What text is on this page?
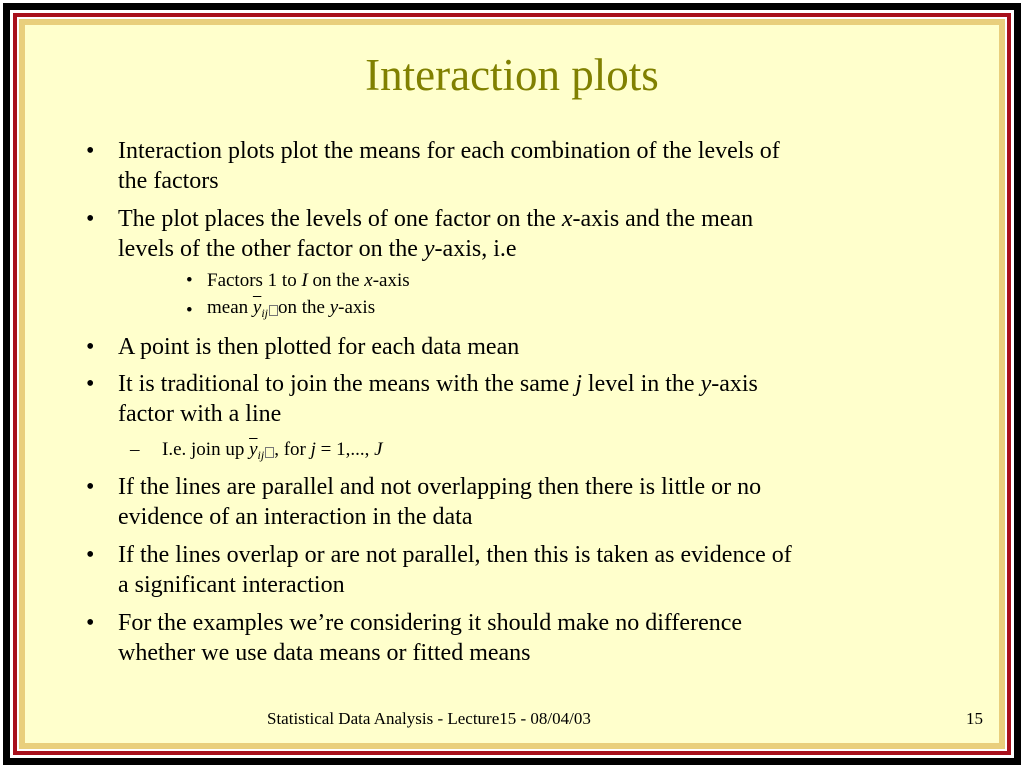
Interaction plots
• Interaction plots plot the means for each combination of the levels of
the factors
• The plot places the levels of one factor on the x-axis and the mean
levels of the other factor on the y-axis, i.e
• Factors 1 to I on the x-axis
• mean $\overline{y}_{ij}$ on the y-axis
• A point is then plotted for each data mean
• It is traditional to join the means with the same j level in the y-axis
factor with a line
– I.e. join up $\overline{y}_{ij}$ , for j = 1,..., J
• If the lines are parallel and not overlapping then there is little or no
evidence of an interaction in the data
• If the lines overlap or are not parallel, then this is taken as evidence of
a significant interaction
• For the examples we’re considering it should make no difference
whether we use data means or fitted means
Statistical Data Analysis - Lecture15 - 08/04/03	15
